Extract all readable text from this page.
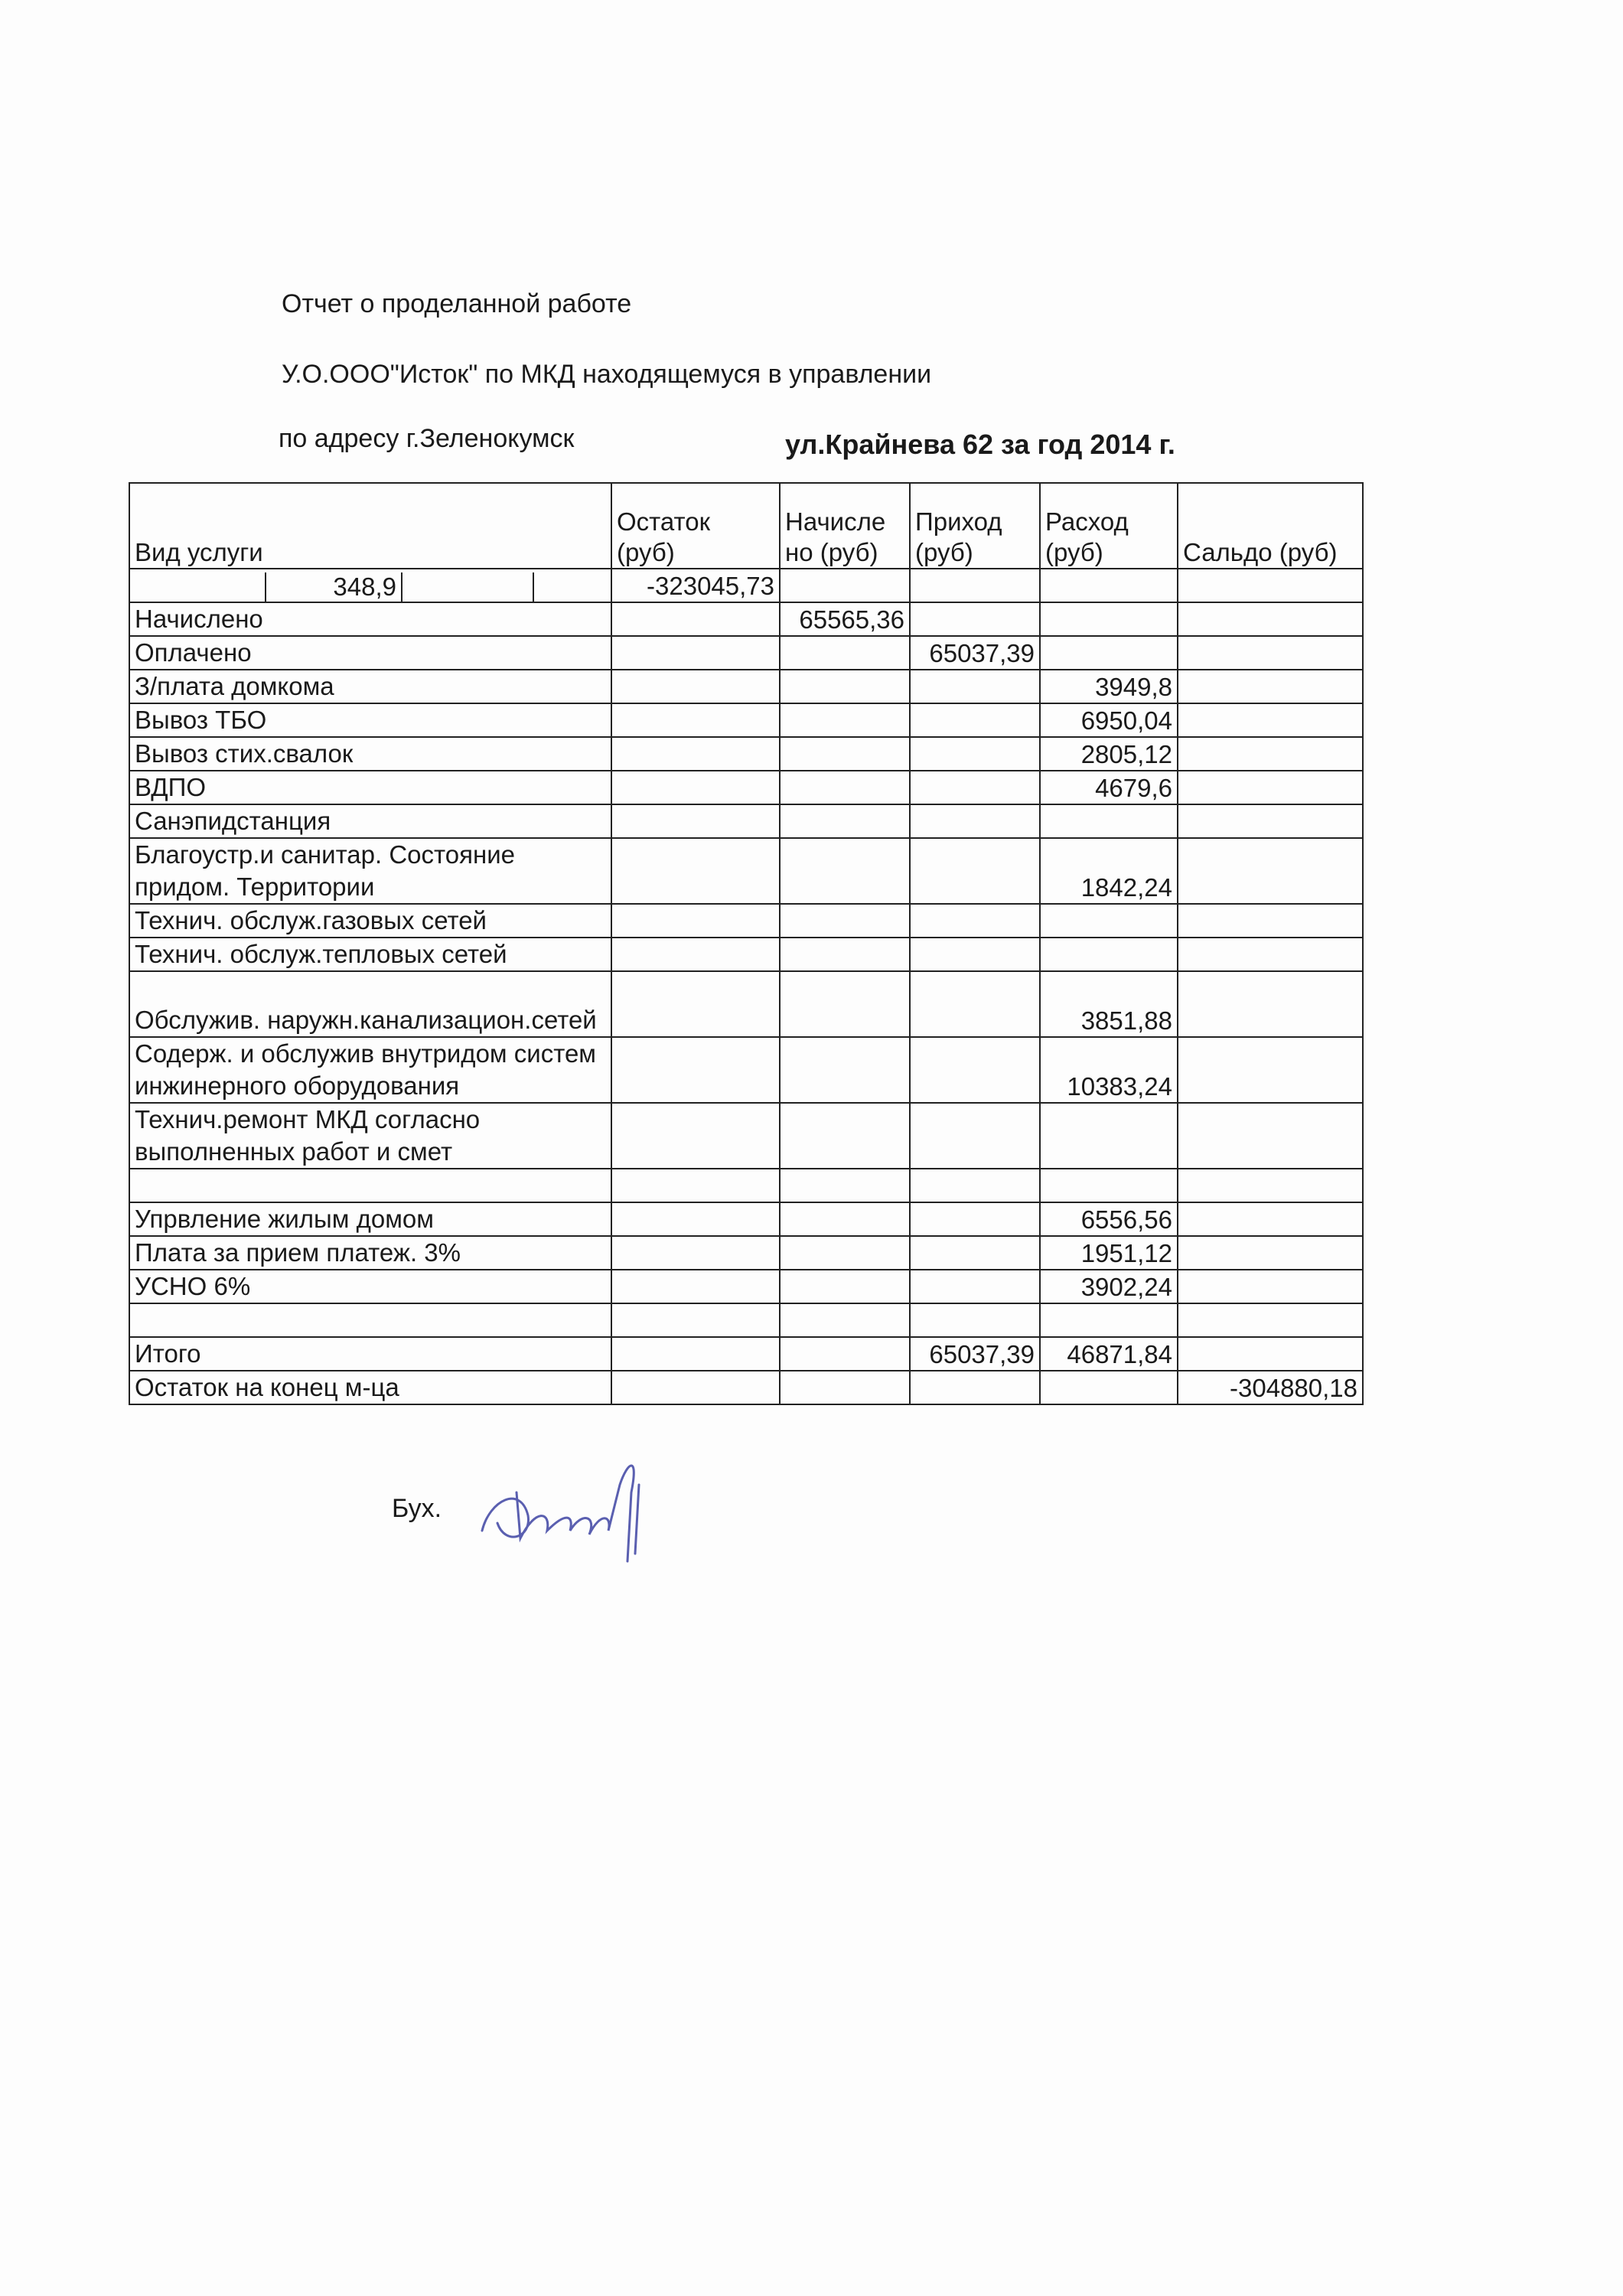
Отчет о проделанной работе
У.О.ООО"Исток" по МКД находящемуся в управлении
по адресу г.Зеленокумск	ул.Крайнева 62 за год 2014 г.
Вид услуги	Остаток (руб)	Начисле но (руб)	Приход (руб)	Расход (руб)	Сальдо (руб)

348,9	-323045,73				
Начислено		65565,36			
Оплачено			65037,39		
З/плата домкома				3949,8	
Вывоз ТБО				6950,04	
Вывоз стих.свалок				2805,12	
ВДПО				4679,6	
Санэпидстанция					
Благоустр.и санитар. Состояние придом. Территории				1842,24	
Технич. обслуж.газовых сетей					
Технич. обслуж.тепловых сетей					
Обслужив. наружн.канализацион.сетей				3851,88	
Содерж. и обслужив внутридом систем инжинерного оборудования				10383,24	
Технич.ремонт МКД согласно выполненных работ и смет					

Упрвление жилым домом				6556,56	
Плата за прием платеж. 3%				1951,12	
УСНО 6%				3902,24	

Итого			65037,39	46871,84	
Остаток на конец м-ца					-304880,18
Бух.
